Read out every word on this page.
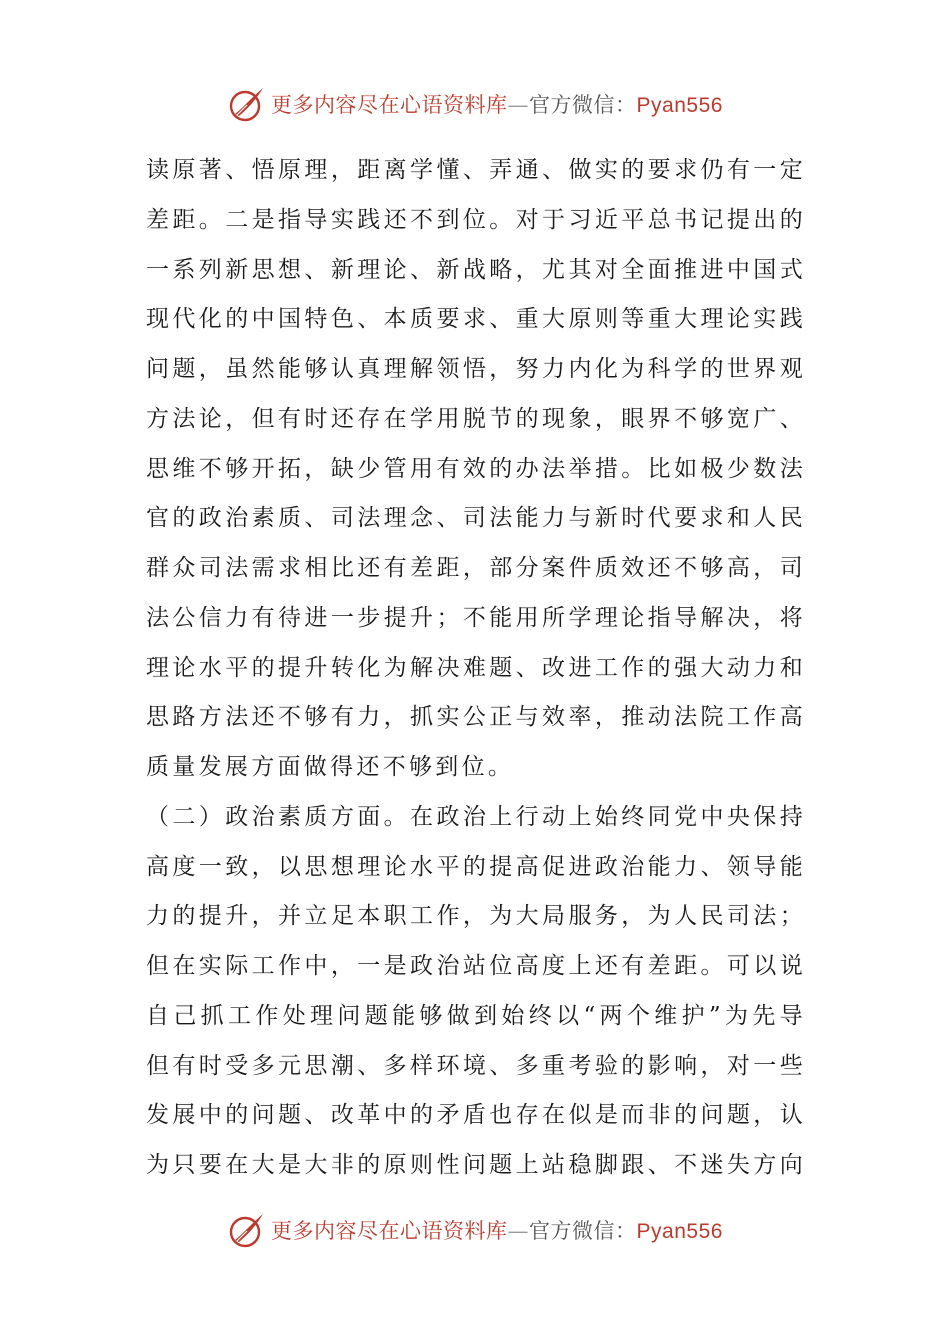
更多内容尽在心语资料库—官方微信：Pyan556
读原著、悟原理，距离学懂、弄通、做实的要求仍有一定
差距。二是指导实践还不到位。对于习近平总书记提出的
一系列新思想、新理论、新战略，尤其对全面推进中国式
现代化的中国特色、本质要求、重大原则等重大理论实践
问题，虽然能够认真理解领悟，努力内化为科学的世界观
方法论，但有时还存在学用脱节的现象，眼界不够宽广、
思维不够开拓，缺少管用有效的办法举措。比如极少数法
官的政治素质、司法理念、司法能力与新时代要求和人民
群众司法需求相比还有差距，部分案件质效还不够高，司
法公信力有待进一步提升；不能用所学理论指导解决，将
理论水平的提升转化为解决难题、改进工作的强大动力和
思路方法还不够有力，抓实公正与效率，推动法院工作高
质量发展方面做得还不够到位。
（二）政治素质方面。在政治上行动上始终同党中央保持
高度一致，以思想理论水平的提高促进政治能力、领导能
力的提升，并立足本职工作，为大局服务，为人民司法；
但在实际工作中，一是政治站位高度上还有差距。可以说
自己抓工作处理问题能够做到始终以“两个维护”为先导
但有时受多元思潮、多样环境、多重考验的影响，对一些
发展中的问题、改革中的矛盾也存在似是而非的问题，认
为只要在大是大非的原则性问题上站稳脚跟、不迷失方向
更多内容尽在心语资料库—官方微信：Pyan556
